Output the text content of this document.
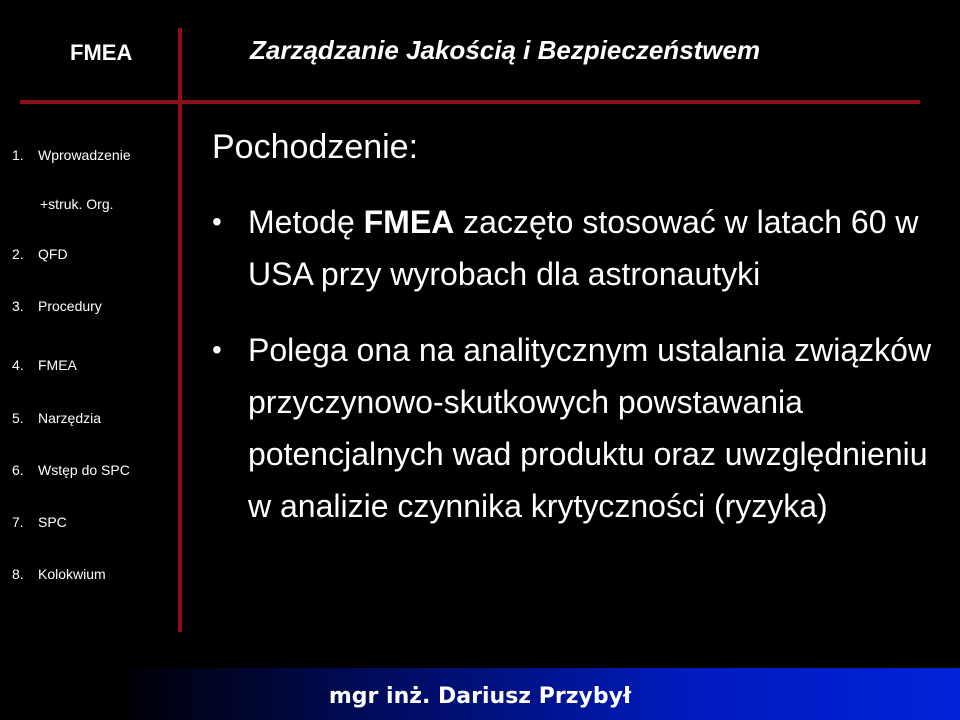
FMEA	Zarządzanie Jakością i Bezpieczeństwem
1. Wprowadzenie
+struk. Org.
2. QFD
3. Procedury
4. FMEA
5. Narzędzia
6. Wstęp do SPC
7. SPC
8. Kolokwium
Pochodzenie:
• Metodę FMEA zaczęto stosować w latach 60 w USA przy wyrobach dla astronautyki
• Polega ona na analitycznym ustalania związków przyczynowo-skutkowych powstawania potencjalnych wad produktu oraz uwzględnieniu w analizie czynnika krytyczności (ryzyka)
mgr inż. Dariusz Przybył
